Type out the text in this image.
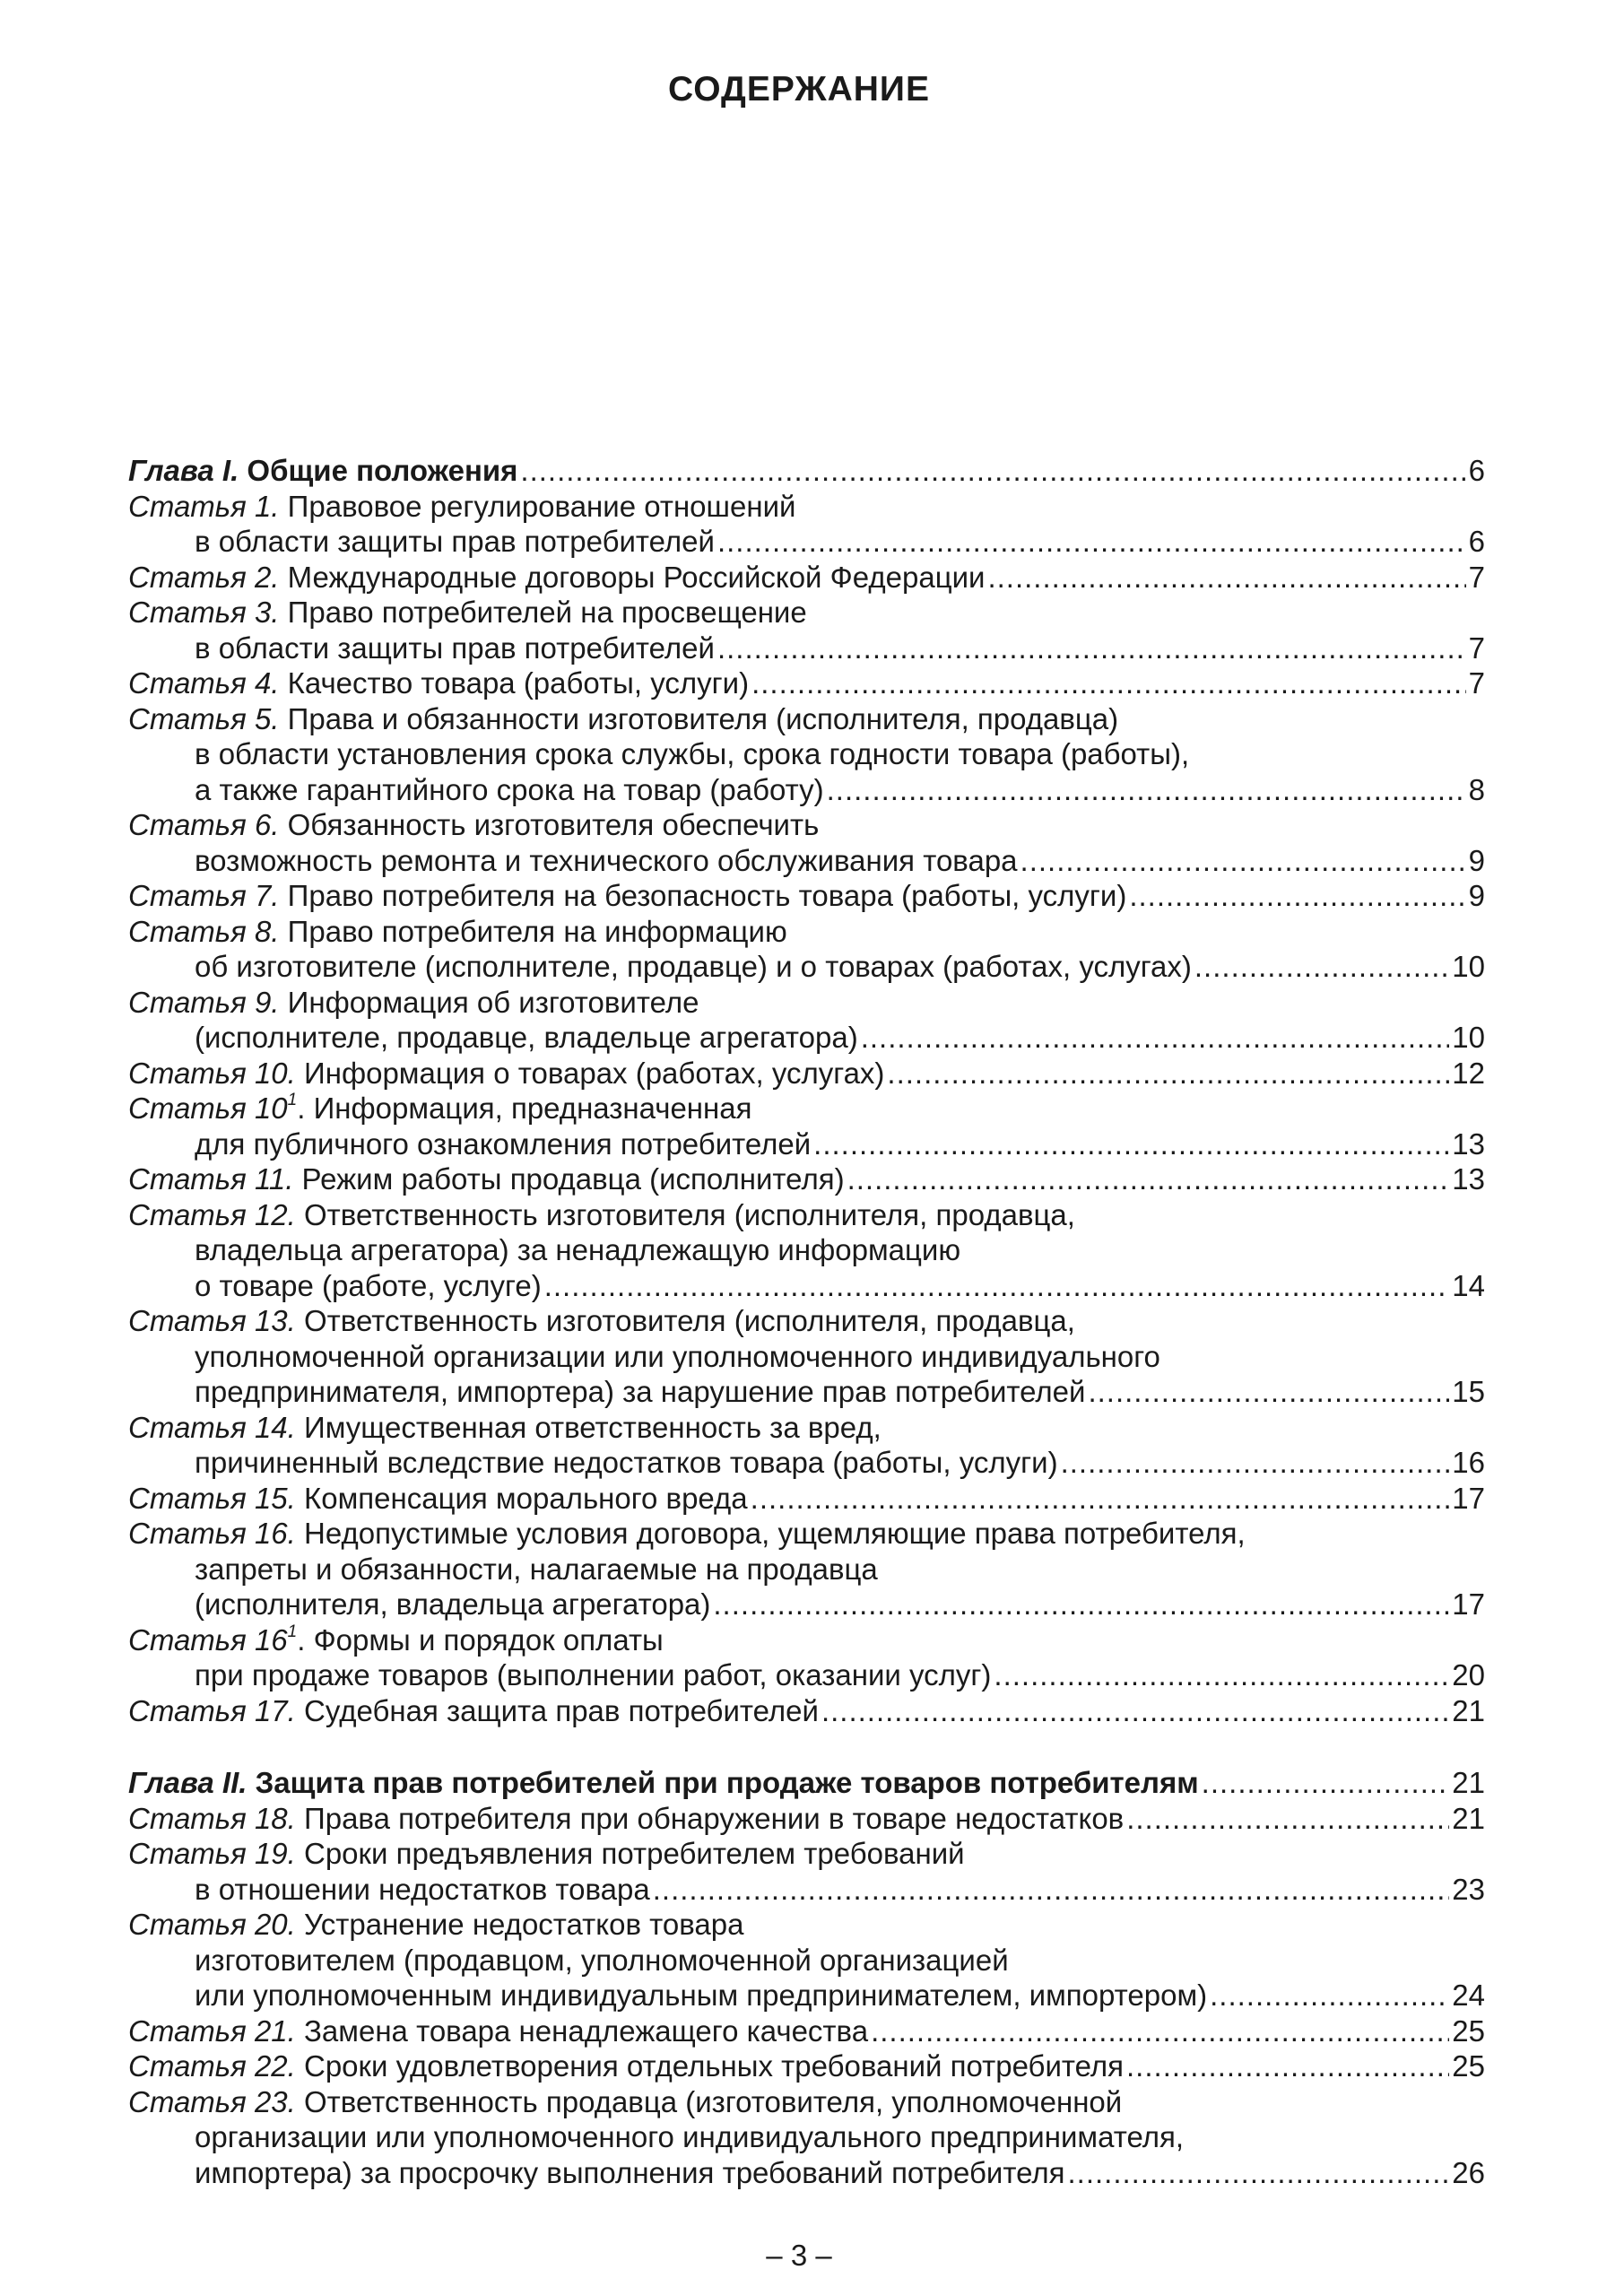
СОДЕРЖАНИЕ
Глава I. Общие положения .....	6
Статья 1. Правовое регулирование отношений
в области защиты прав потребителей .....	6
Статья 2. Международные договоры Российской Федерации .....	7
Статья 3. Право потребителей на просвещение
в области защиты прав потребителей .....	7
Статья 4. Качество товара (работы, услуги) .....	7
Статья 5. Права и обязанности изготовителя (исполнителя, продавца)
в области установления срока службы, срока годности товара (работы),
а также гарантийного срока на товар (работу) .....	8
Статья 6. Обязанность изготовителя обеспечить
возможность ремонта и технического обслуживания товара .....	9
Статья 7. Право потребителя на безопасность товара (работы, услуги) .....	9
Статья 8. Право потребителя на информацию
об изготовителе (исполнителе, продавце) и о товарах (работах, услугах) .....	10
Статья 9. Информация об изготовителе
(исполнителе, продавце, владельце агрегатора) .....	10
Статья 10. Информация о товарах (работах, услугах) .....	12
Статья $10^1$. Информация, предназначенная
для публичного ознакомления потребителей .....	13
Статья 11. Режим работы продавца (исполнителя) .....	13
Статья 12. Ответственность изготовителя (исполнителя, продавца,
владельца агрегатора) за ненадлежащую информацию
о товаре (работе, услуге) .....	14
Статья 13. Ответственность изготовителя (исполнителя, продавца,
уполномоченной организации или уполномоченного индивидуального
предпринимателя, импортера) за нарушение прав потребителей .....	15
Статья 14. Имущественная ответственность за вред,
причиненный вследствие недостатков товара (работы, услуги) .....	16
Статья 15. Компенсация морального вреда .....	17
Статья 16. Недопустимые условия договора, ущемляющие права потребителя,
запреты и обязанности, налагаемые на продавца
(исполнителя, владельца агрегатора) .....	17
Статья $16^1$. Формы и порядок оплаты
при продаже товаров (выполнении работ, оказании услуг) .....	20
Статья 17. Судебная защита прав потребителей .....	21
Глава II. Защита прав потребителей при продаже товаров потребителям .....	21
Статья 18. Права потребителя при обнаружении в товаре недостатков .....	21
Статья 19. Сроки предъявления потребителем требований
в отношении недостатков товара .....	23
Статья 20. Устранение недостатков товара
изготовителем (продавцом, уполномоченной организацией
или уполномоченным индивидуальным предпринимателем, импортером) .....	24
Статья 21. Замена товара ненадлежащего качества .....	25
Статья 22. Сроки удовлетворения отдельных требований потребителя .....	25
Статья 23. Ответственность продавца (изготовителя, уполномоченной
организации или уполномоченного индивидуального предпринимателя,
импортера) за просрочку выполнения требований потребителя .....	26
– 3 –
